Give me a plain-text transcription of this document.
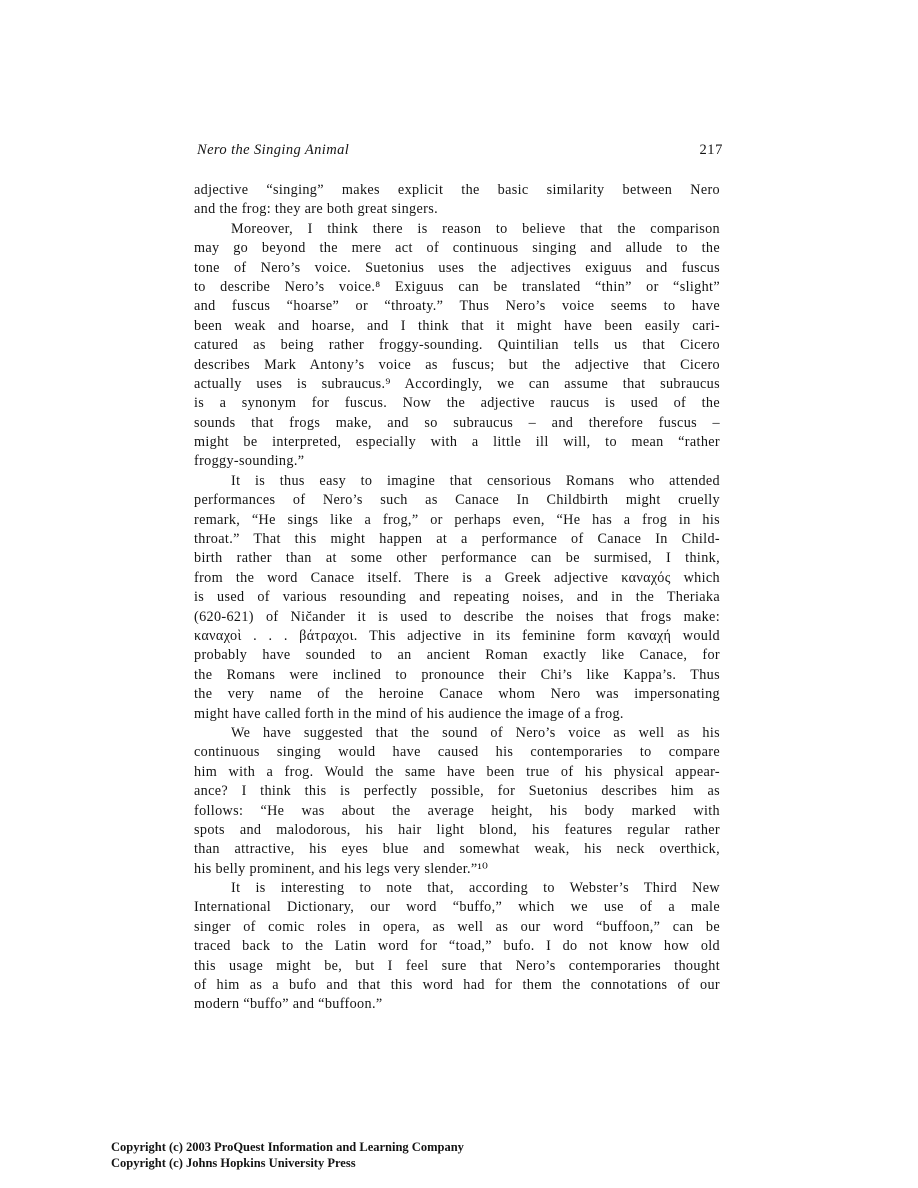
Nero the Singing Animal	217
adjective “singing” makes explicit the basic similarity between Nero
and the frog: they are both great singers.
Moreover, I think there is reason to believe that the comparison
may go beyond the mere act of continuous singing and allude to the
tone of Nero’s voice. Suetonius uses the adjectives exiguus and fuscus
to describe Nero’s voice.⁸ Exiguus can be translated “thin” or “slight”
and fuscus “hoarse” or “throaty.” Thus Nero’s voice seems to have
been weak and hoarse, and I think that it might have been easily cari-
catured as being rather froggy-sounding. Quintilian tells us that Cicero
describes Mark Antony’s voice as fuscus; but the adjective that Cicero
actually uses is subraucus.⁹ Accordingly, we can assume that subraucus
is a synonym for fuscus. Now the adjective raucus is used of the
sounds that frogs make, and so subraucus – and therefore fuscus –
might be interpreted, especially with a little ill will, to mean “rather
froggy-sounding.”
It is thus easy to imagine that censorious Romans who attended
performances of Nero’s such as Canace In Childbirth might cruelly
remark, “He sings like a frog,” or perhaps even, “He has a frog in his
throat.” That this might happen at a performance of Canace In Child-
birth rather than at some other performance can be surmised, I think,
from the word Canace itself. There is a Greek adjective καναχός which
is used of various resounding and repeating noises, and in the Theriaka
(620-621) of Nic̆ander it is used to describe the noises that frogs make:
καναχοὶ . . . βάτραχοι. This adjective in its feminine form καναχή would
probably have sounded to an ancient Roman exactly like Canace, for
the Romans were inclined to pronounce their Chi’s like Kappa’s. Thus
the very name of the heroine Canace whom Nero was impersonating
might have called forth in the mind of his audience the image of a frog.
We have suggested that the sound of Nero’s voice as well as his
continuous singing would have caused his contemporaries to compare
him with a frog. Would the same have been true of his physical appear-
ance? I think this is perfectly possible, for Suetonius describes him as
follows: “He was about the average height, his body marked with
spots and malodorous, his hair light blond, his features regular rather
than attractive, his eyes blue and somewhat weak, his neck overthick,
his belly prominent, and his legs very slender.”¹⁰
It is interesting to note that, according to Webster’s Third New
International Dictionary, our word “buffo,” which we use of a male
singer of comic roles in opera, as well as our word “buffoon,” can be
traced back to the Latin word for “toad,” bufo. I do not know how old
this usage might be, but I feel sure that Nero’s contemporaries thought
of him as a bufo and that this word had for them the connotations of our
modern “buffo” and “buffoon.”
Copyright (c) 2003 ProQuest Information and Learning Company
Copyright (c) Johns Hopkins University Press
